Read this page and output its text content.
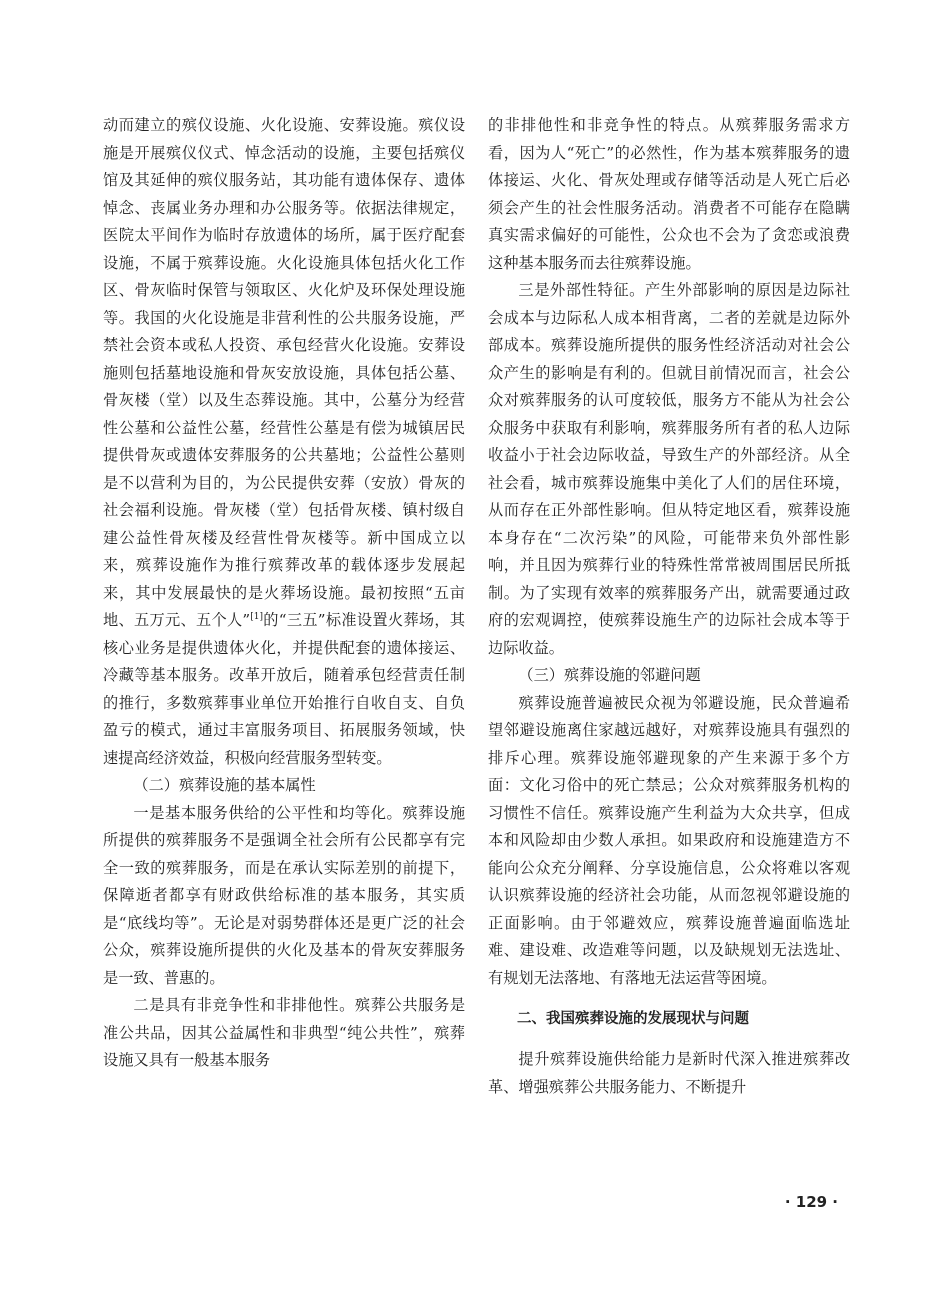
动而建立的殡仪设施、火化设施、安葬设施。殡仪设施是开展殡仪仪式、悼念活动的设施，主要包括殡仪馆及其延伸的殡仪服务站，其功能有遗体保存、遗体悼念、丧属业务办理和办公服务等。依据法律规定，医院太平间作为临时存放遗体的场所，属于医疗配套设施，不属于殡葬设施。火化设施具体包括火化工作区、骨灰临时保管与领取区、火化炉及环保处理设施等。我国的火化设施是非营利性的公共服务设施，严禁社会资本或私人投资、承包经营火化设施。安葬设施则包括墓地设施和骨灰安放设施，具体包括公墓、骨灰楼（堂）以及生态葬设施。其中，公墓分为经营性公墓和公益性公墓，经营性公墓是有偿为城镇居民提供骨灰或遗体安葬服务的公共墓地；公益性公墓则是不以营利为目的，为公民提供安葬（安放）骨灰的社会福利设施。骨灰楼（堂）包括骨灰楼、镇村级自建公益性骨灰楼及经营性骨灰楼等。新中国成立以来，殡葬设施作为推行殡葬改革的载体逐步发展起来，其中发展最快的是火葬场设施。最初按照“五亩地、五万元、五个人”[1]的“三五”标准设置火葬场，其核心业务是提供遗体火化，并提供配套的遗体接运、冷藏等基本服务。改革开放后，随着承包经营责任制的推行，多数殡葬事业单位开始推行自收自支、自负盈亏的模式，通过丰富服务项目、拓展服务领域，快速提高经济效益，积极向经营服务型转变。

（二）殡葬设施的基本属性

一是基本服务供给的公平性和均等化。殡葬设施所提供的殡葬服务不是强调全社会所有公民都享有完全一致的殡葬服务，而是在承认实际差别的前提下，保障逝者都享有财政供给标准的基本服务，其实质是“底线均等”。无论是对弱势群体还是更广泛的社会公众，殡葬设施所提供的火化及基本的骨灰安葬服务是一致、普惠的。

二是具有非竞争性和非排他性。殡葬公共服务是准公共品，因其公益属性和非典型“纯公共性”，殡葬设施又具有一般基本服务

的非排他性和非竞争性的特点。从殡葬服务需求方看，因为人“死亡”的必然性，作为基本殡葬服务的遗体接运、火化、骨灰处理或存储等活动是人死亡后必须会产生的社会性服务活动。消费者不可能存在隐瞒真实需求偏好的可能性，公众也不会为了贪恋或浪费这种基本服务而去往殡葬设施。

三是外部性特征。产生外部影响的原因是边际社会成本与边际私人成本相背离，二者的差就是边际外部成本。殡葬设施所提供的服务性经济活动对社会公众产生的影响是有利的。但就目前情况而言，社会公众对殡葬服务的认可度较低，服务方不能从为社会公众服务中获取有利影响，殡葬服务所有者的私人边际收益小于社会边际收益，导致生产的外部经济。从全社会看，城市殡葬设施集中美化了人们的居住环境，从而存在正外部性影响。但从特定地区看，殡葬设施本身存在“二次污染”的风险，可能带来负外部性影响，并且因为殡葬行业的特殊性常常被周围居民所抵制。为了实现有效率的殡葬服务产出，就需要通过政府的宏观调控，使殡葬设施生产的边际社会成本等于边际收益。

（三）殡葬设施的邻避问题

殡葬设施普遍被民众视为邻避设施，民众普遍希望邻避设施离住家越远越好，对殡葬设施具有强烈的排斥心理。殡葬设施邻避现象的产生来源于多个方面：文化习俗中的死亡禁忌；公众对殡葬服务机构的习惯性不信任。殡葬设施产生利益为大众共享，但成本和风险却由少数人承担。如果政府和设施建造方不能向公众充分阐释、分享设施信息，公众将难以客观认识殡葬设施的经济社会功能，从而忽视邻避设施的正面影响。由于邻避效应，殡葬设施普遍面临选址难、建设难、改造难等问题，以及缺规划无法选址、有规划无法落地、有落地无法运营等困境。

二、我国殡葬设施的发展现状与问题

提升殡葬设施供给能力是新时代深入推进殡葬改革、增强殡葬公共服务能力、不断提升

· 129 ·
